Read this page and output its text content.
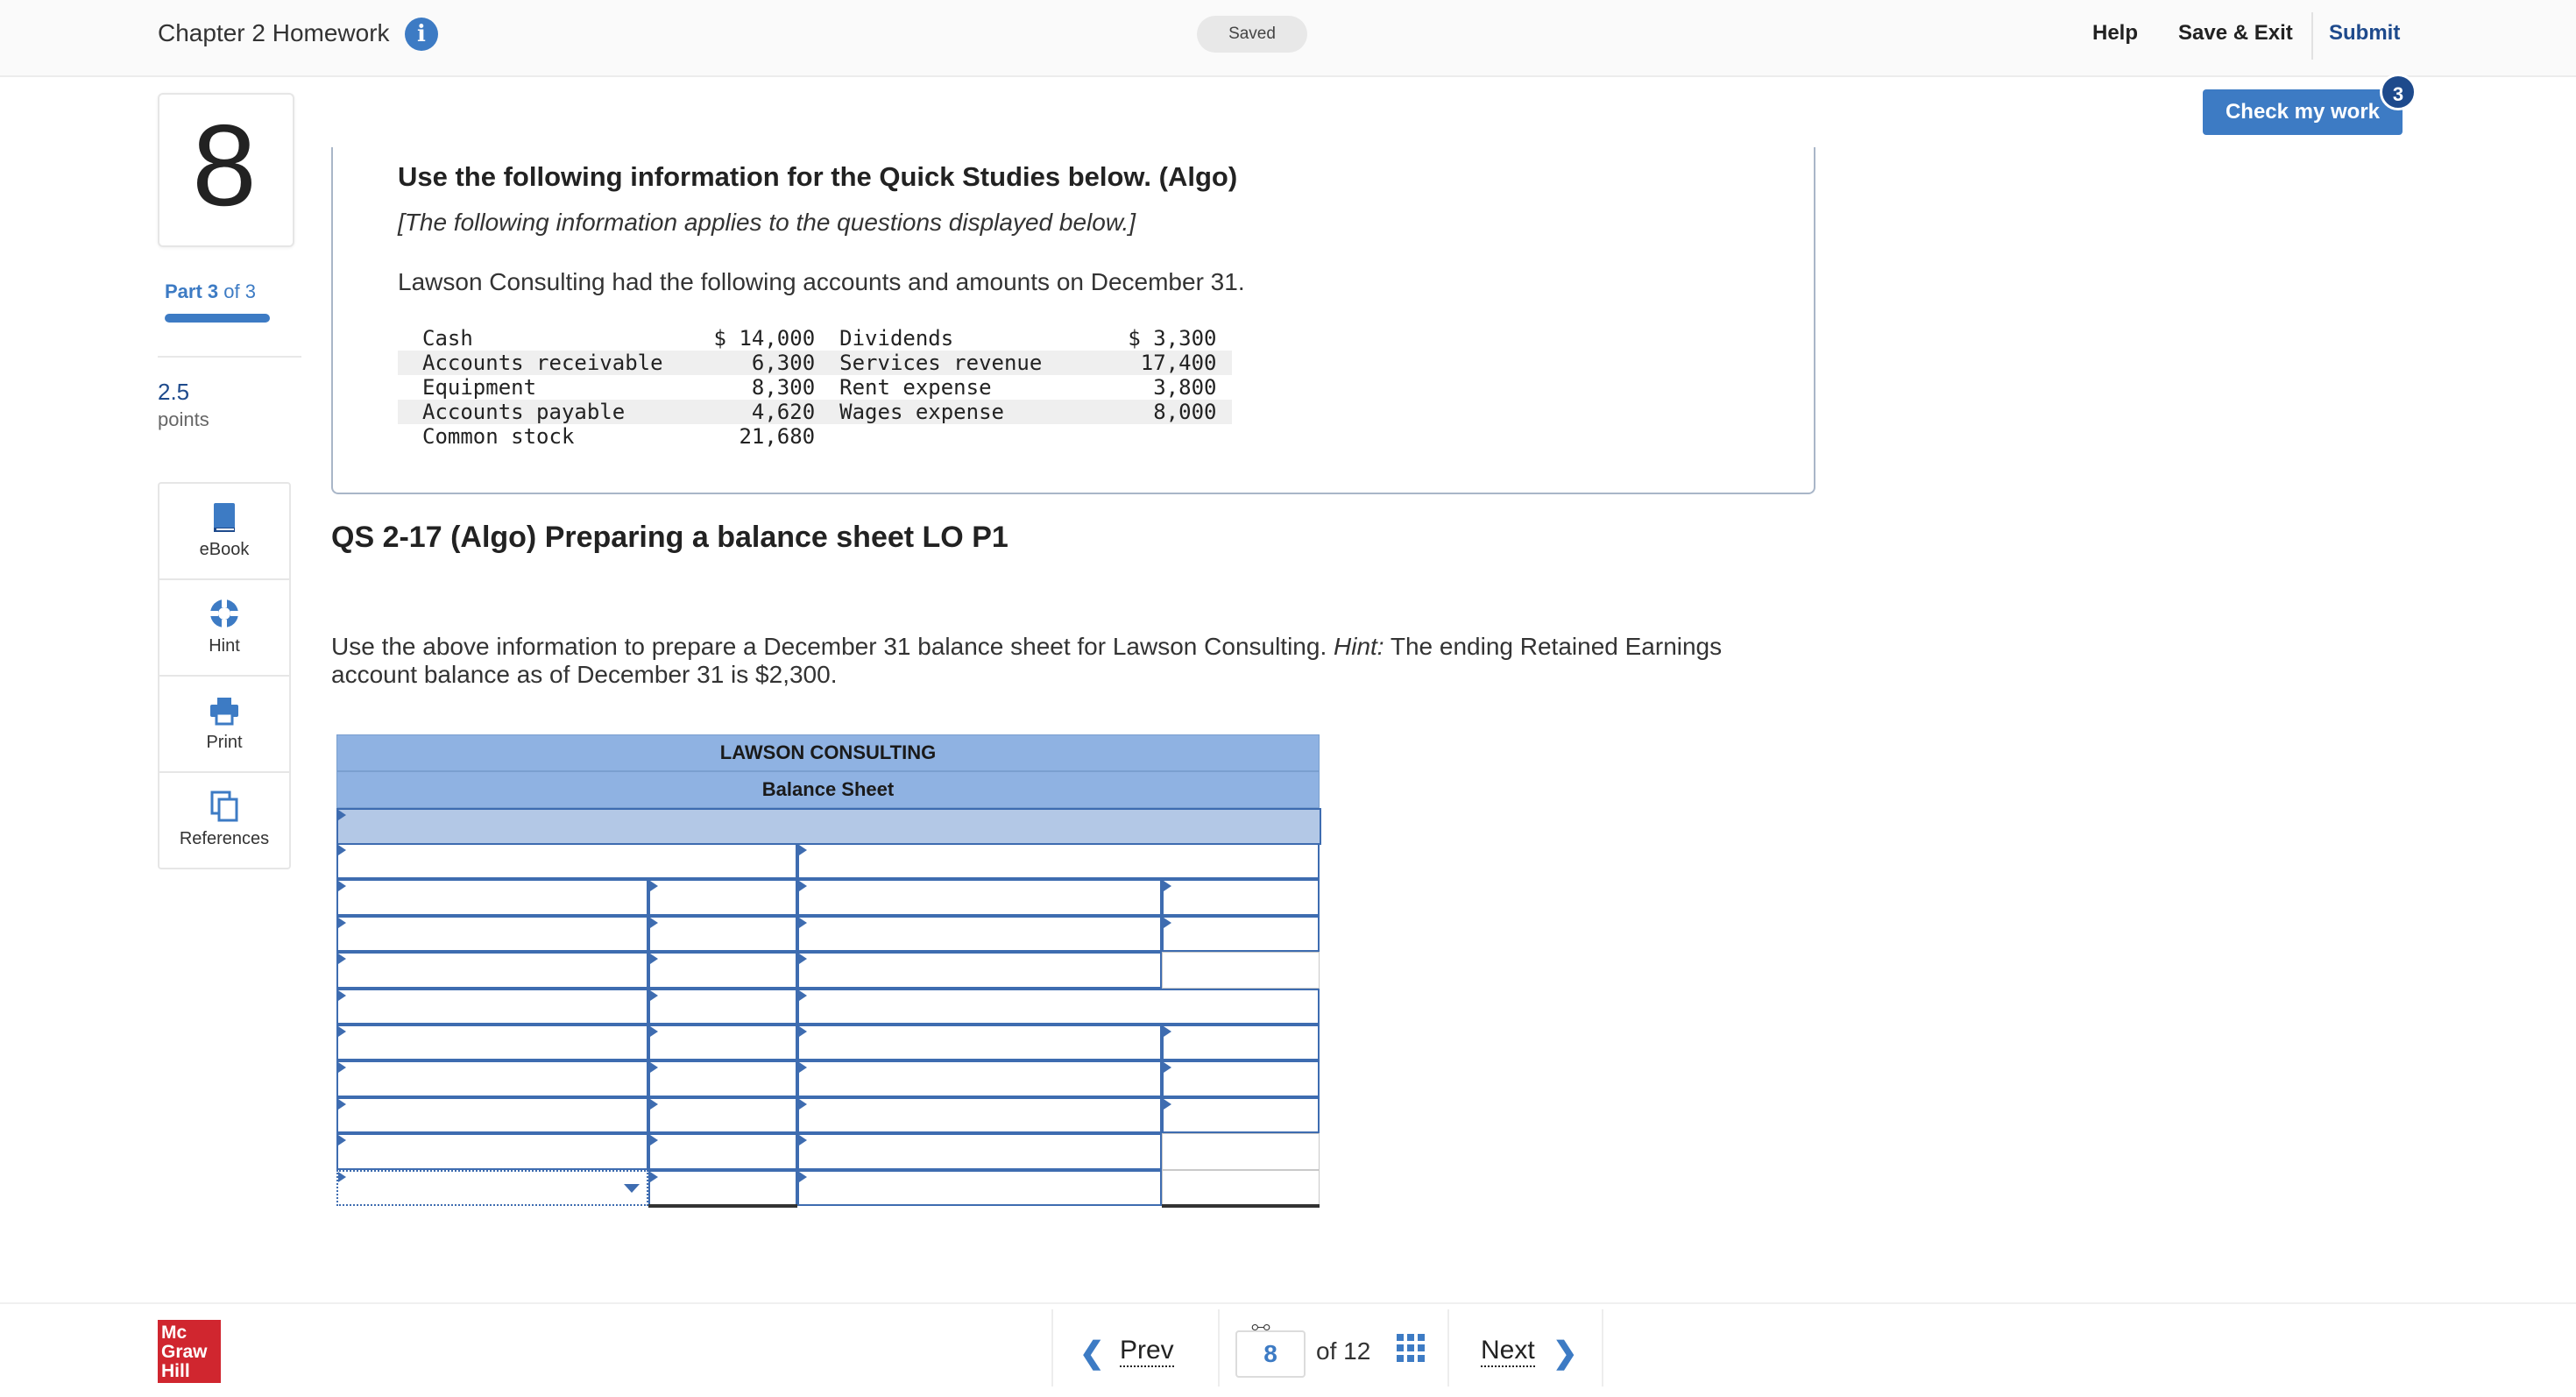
Chapter 2 Homework	i	Saved	Help Save & Exit Submit
Check my work
3
8
Part 3 of 3
2.5
points
eBook
Hint
Print
References
Use the following information for the Quick Studies below. (Algo)
[The following information applies to the questions displayed below.]
Lawson Consulting had the following accounts and amounts on December 31.
Cash	$ 14,000	Dividends	$ 3,300
Accounts receivable	6,300	Services revenue	17,400
Equipment	8,300	Rent expense	3,800
Accounts payable	4,620	Wages expense	8,000
Common stock	21,680		
QS 2-17 (Algo) Preparing a balance sheet LO P1
Use the above information to prepare a December 31 balance sheet for Lawson Consulting. Hint: The ending Retained Earnings account balance as of December 31 is $2,300.
LAWSON CONSULTING
Balance Sheet
Mc
Graw
Hill
❮ Prev
⧟
8	of 12	Next ❯
